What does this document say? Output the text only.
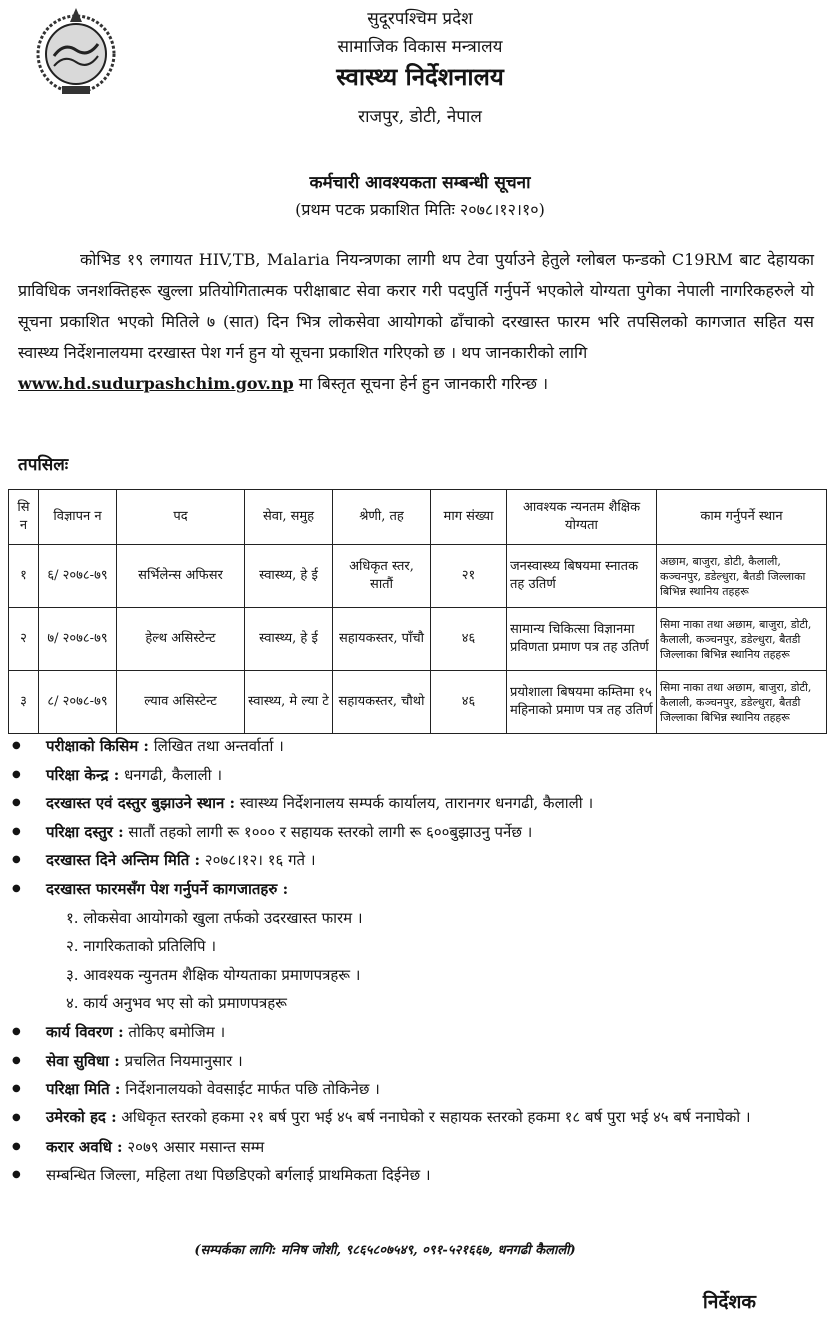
सुदूरपश्चिम प्रदेश
सामाजिक विकास मन्त्रालय
स्वास्थ्य निर्देशनालय
राजपुर, डोटी, नेपाल
कर्मचारी आवश्यकता सम्बन्धी सूचना
(प्रथम पटक प्रकाशित मितिः २०७८।१२।१०)
कोभिड १९ लगायत HIV,TB, Malaria नियन्त्रणका लागी थप टेवा पुर्याउने हेतुले ग्लोबल फन्डको C19RM बाट देहायका प्राविधिक जनशक्तिहरू खुल्ला प्रतियोगितात्मक परीक्षाबाट सेवा करार गरी पदपुर्ति गर्नुपर्ने भएकोले योग्यता पुगेका नेपाली नागरिकहरुले यो सूचना प्रकाशित भएको मितिले ७ (सात) दिन भित्र लोकसेवा आयोगको ढाँचाको दरखास्त फारम भरि तपसिलको कागजात सहित यस स्वास्थ्य निर्देशनालयमा दरखास्त पेश गर्न हुन यो सूचना प्रकाशित गरिएको छ । थप जानकारीको लागि
www.hd.sudurpashchim.gov.np मा बिस्तृत सूचना हेर्न हुन जानकारी गरिन्छ ।
तपसिलः
सि न	विज्ञापन न	पद	सेवा, समुह	श्रेणी, तह	माग संख्या	आवश्यक न्यनतम शैक्षिक योग्यता	काम गर्नुपर्ने स्थान
१	६/ २०७८-७९	सर्भिलेन्स अफिसर	स्वास्थ्य, हे ई	अधिकृत स्तर, सातौं	२१	जनस्वास्थ्य बिषयमा स्नातक तह उतिर्ण	अछाम, बाजुरा, डोटी, कैलाली, कञ्चनपुर, डडेल्धुरा, बैतडी जिल्लाका बिभिन्न स्थानिय तहहरू
२	७/ २०७८-७९	हेल्थ असिस्टेन्ट	स्वास्थ्य, हे ई	सहायकस्तर, पाँचौ	४६	सामान्य चिकित्सा विज्ञानमा प्रविणता प्रमाण पत्र तह उतिर्ण	सिमा नाका तथा अछाम, बाजुरा, डोटी, कैलाली, कञ्चनपुर, डडेल्धुरा, बैतडी जिल्लाका बिभिन्न स्थानिय तहहरू
३	८/ २०७८-७९	ल्याव असिस्टेन्ट	स्वास्थ्य, मे ल्या टे	सहायकस्तर, चौथो	४६	प्रयोशाला बिषयमा कम्तिमा १५ महिनाको प्रमाण पत्र तह उतिर्ण	सिमा नाका तथा अछाम, बाजुरा, डोटी, कैलाली, कञ्चनपुर, डडेल्धुरा, बैतडी जिल्लाका बिभिन्न स्थानिय तहहरू
● परीक्षाको किसिम : लिखित तथा अन्तर्वार्ता ।
● परिक्षा केन्द्र : धनगढी, कैलाली ।
● दरखास्त एवं दस्तुर बुझाउने स्थान : स्वास्थ्य निर्देशनालय सम्पर्क कार्यालय, तारानगर धनगढी, कैलाली ।
● परिक्षा दस्तुर : सातौं तहको लागी रू १००० र सहायक स्तरको लागी रू ६००बुझाउनु पर्नेछ ।
● दरखास्त दिने अन्तिम मिति : २०७८।१२। १६ गते ।
● दरखास्त फारमसँग पेश गर्नुपर्ने कागजातहरु :
१. लोकसेवा आयोगको खुला तर्फको उदरखास्त फारम ।
२. नागरिकताको प्रतिलिपि ।
३. आवश्यक न्युनतम शैक्षिक योग्यताका प्रमाणपत्रहरू ।
४. कार्य अनुभव भए सो को प्रमाणपत्रहरू
● कार्य विवरण : तोकिए बमोजिम ।
● सेवा सुविधा : प्रचलित नियमानुसार ।
● परिक्षा मिति : निर्देशनालयको वेवसाईट मार्फत पछि तोकिनेछ ।
● उमेरको हद : अधिकृत स्तरको हकमा २१ बर्ष पुरा भई ४५ बर्ष ननाघेको र सहायक स्तरको हकमा १८ बर्ष पुरा भई ४५ बर्ष ननाघेको ।
● करार अवधि : २०७९ असार मसान्त सम्म
● सम्बन्धित जिल्ला, महिला तथा पिछडिएको बर्गलाई प्राथमिकता दिईनेछ ।
(सम्पर्कका लागि: मनिष जोशी, ९८६५८०७५४९, ०९१-५२१६६७, धनगढी कैलाली)
निर्देशक
